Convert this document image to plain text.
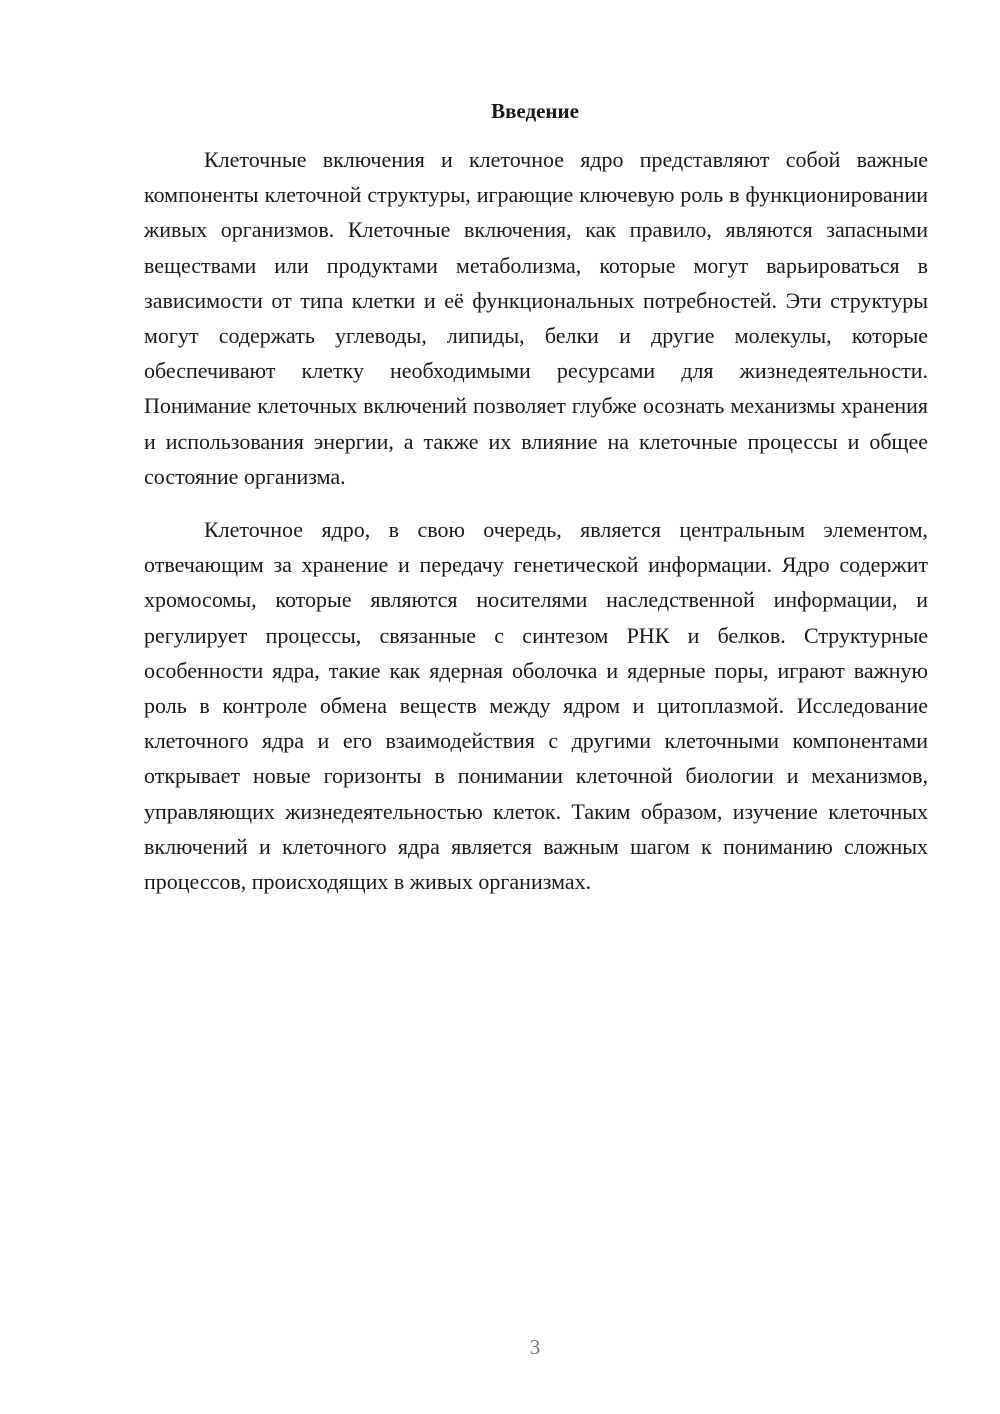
Введение

Клеточные включения и клеточное ядро представляют собой важные компоненты клеточной структуры, играющие ключевую роль в функционировании живых организмов. Клеточные включения, как правило, являются запасными веществами или продуктами метаболизма, которые могут варьироваться в зависимости от типа клетки и её функциональных потребностей. Эти структуры могут содержать углеводы, липиды, белки и другие молекулы, которые обеспечивают клетку необходимыми ресурсами для жизнедеятельности. Понимание клеточных включений позволяет глубже осознать механизмы хранения и использования энергии, а также их влияние на клеточные процессы и общее состояние организма.

Клеточное ядро, в свою очередь, является центральным элементом, отвечающим за хранение и передачу генетической информации. Ядро содержит хромосомы, которые являются носителями наследственной информации, и регулирует процессы, связанные с синтезом РНК и белков. Структурные особенности ядра, такие как ядерная оболочка и ядерные поры, играют важную роль в контроле обмена веществ между ядром и цитоплазмой. Исследование клеточного ядра и его взаимодействия с другими клеточными компонентами открывает новые горизонты в понимании клеточной биологии и механизмов, управляющих жизнедеятельностью клеток. Таким образом, изучение клеточных включений и клеточного ядра является важным шагом к пониманию сложных процессов, происходящих в живых организмах.

3
